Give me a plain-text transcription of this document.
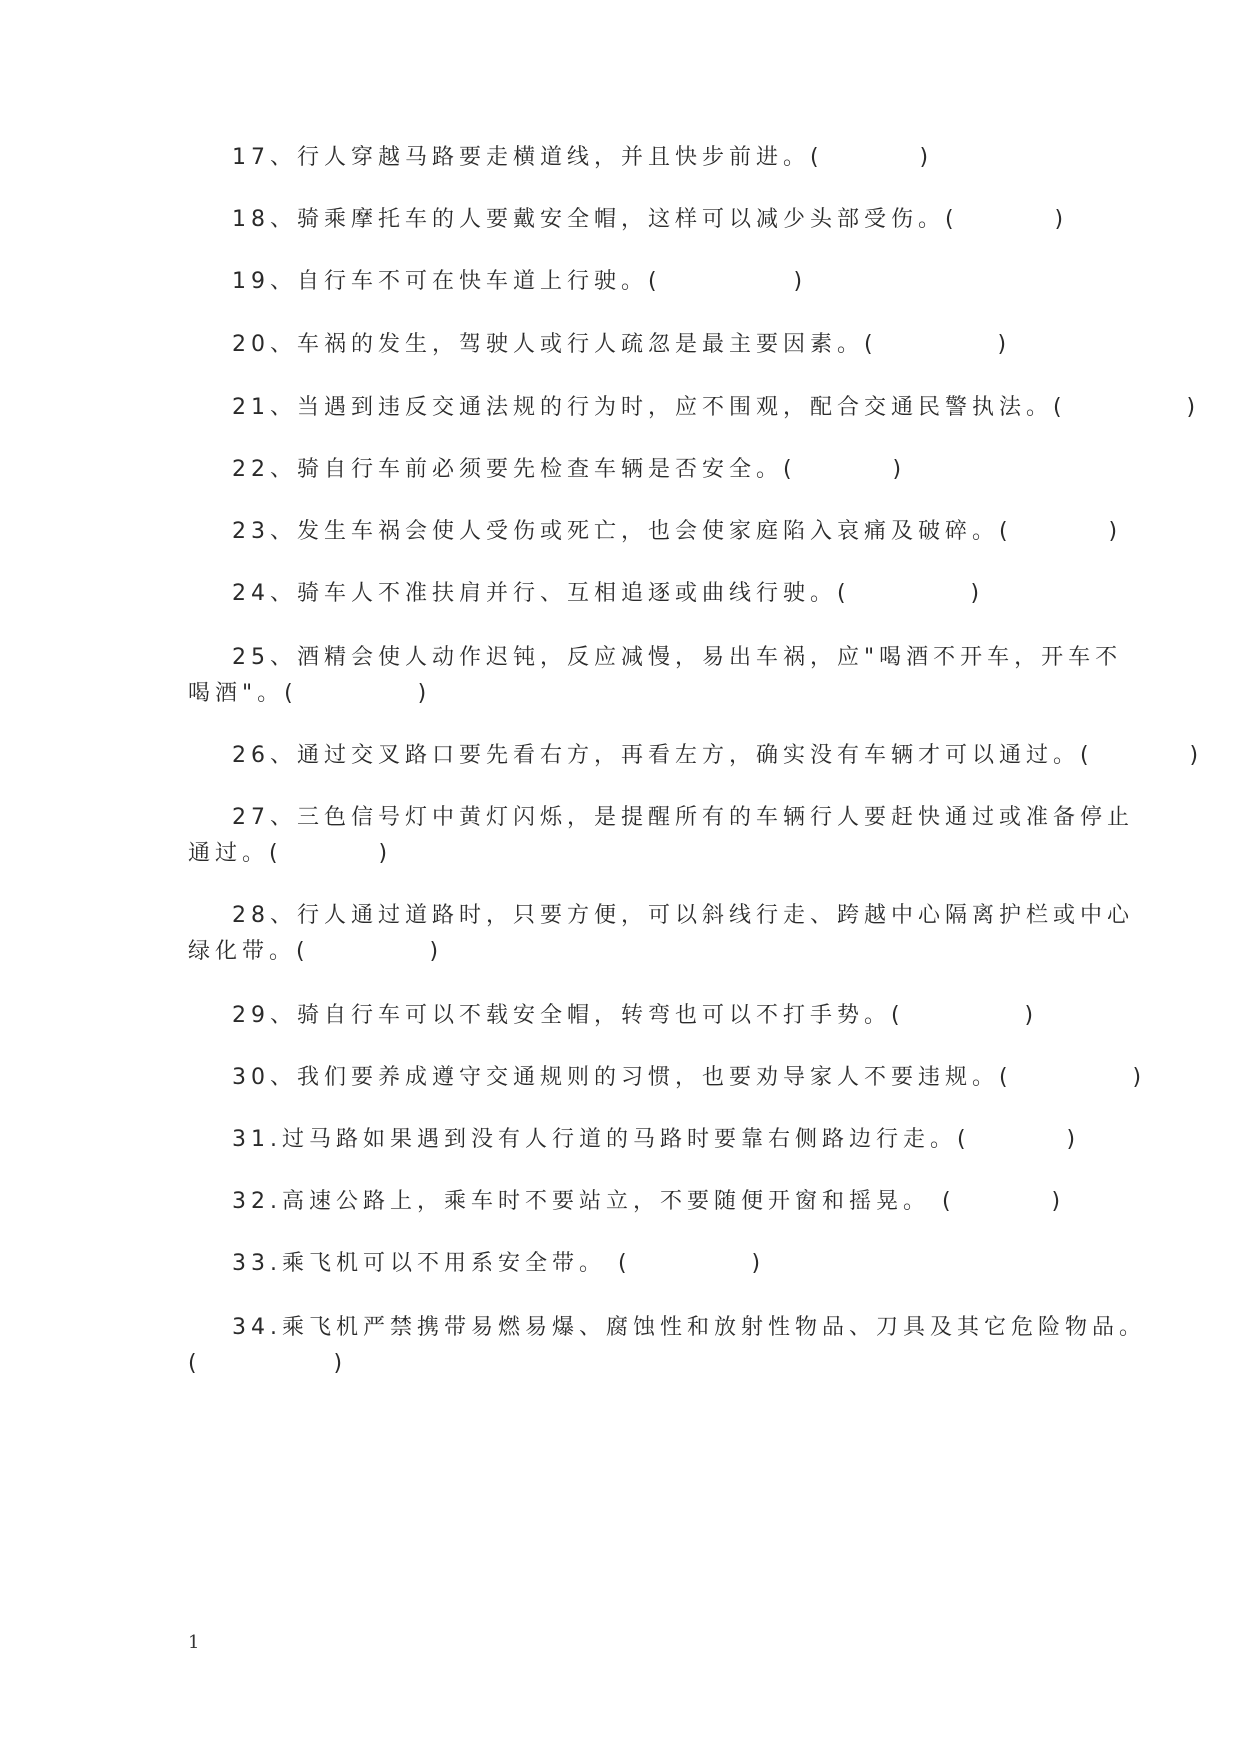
17、行人穿越马路要走横道线，并且快步前进。(        )

18、骑乘摩托车的人要戴安全帽，这样可以减少头部受伤。(        )

19、自行车不可在快车道上行驶。(           )

20、车祸的发生，驾驶人或行人疏忽是最主要因素。(          )

21、当遇到违反交通法规的行为时，应不围观，配合交通民警执法。(          )

22、骑自行车前必须要先检查车辆是否安全。(        )

23、发生车祸会使人受伤或死亡，也会使家庭陷入哀痛及破碎。(        )

24、骑车人不准扶肩并行、互相追逐或曲线行驶。(          )

25、酒精会使人动作迟钝，反应减慢，易出车祸，应"喝酒不开车，开车不
喝酒"。(          )

26、通过交叉路口要先看右方，再看左方，确实没有车辆才可以通过。(        )

27、三色信号灯中黄灯闪烁，是提醒所有的车辆行人要赶快通过或准备停止
通过。(        )

28、行人通过道路时，只要方便，可以斜线行走、跨越中心隔离护栏或中心
绿化带。(          )

29、骑自行车可以不载安全帽，转弯也可以不打手势。(          )

30、我们要养成遵守交通规则的习惯，也要劝导家人不要违规。(          )

31.过马路如果遇到没有人行道的马路时要靠右侧路边行走。(        )

32.高速公路上，乘车时不要站立，不要随便开窗和摇晃。 (        )

33.乘飞机可以不用系安全带。 (          )

34.乘飞机严禁携带易燃易爆、腐蚀性和放射性物品、刀具及其它危险物品。
(           )

1
